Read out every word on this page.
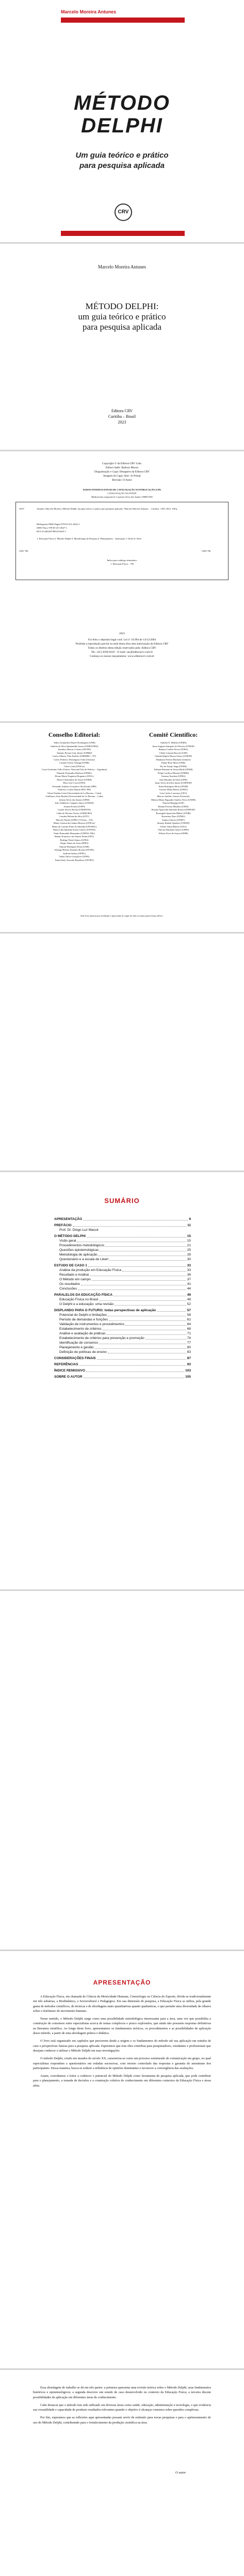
Marcelo Moreira Antunes
MÉTODO
DELPHI
Um guia teórico e prático
para pesquisa aplicada
CRV
Marcelo Moreira Antunes
MÉTODO DELPHI:
um guia teórico e prático
para pesquisa aplicada
Editora CRV
Curitiba – Brasil
2023
Copyright © da Editora CRV Ltda.
Editor-chefe: Railson Moura
Diagramação e Capa: Designers da Editora CRV
Imagem da Capa: Arte: Jo Poisql
Revisão: O Autor
DADOS INTERNACIONAIS DE CATALOGAÇÃO NA PUBLICAÇÃO (CIP)
CATALOGAÇÃO NA FONTE
Bibliotecária responsável: Luzenira Alves dos Santos CRB9/1506
A637	Antunes, Marcelo Moreira. Método Delphi: um guia teórico e prático para pesquisa aplicada / Marcelo Moreira Antunes. – Curitiba : CRV, 2023. 108 p.
Bibliografia ISBN Digital 978-65-251-4643-3
ISBN Físico 978-65-251-4647-1
DOI 10.24824/978652514647.1
1. Educação Física 2. Método Delphi 3. Metodologia de Pesquisa 4. Planejamento – Instituição I. Título II. Série.
CDU 796	CDD 796
Índice para catálogo sistemático
1. Educação Física – 796
2023
Foi feito o depósito legal conf. Lei nº 10.994 de 14/12/2004
Proibida a reprodução parcial ou total desta obra sem autorização da Editora CRV
Todos os direitos desta edição reservados pela: Editora CRV
Tel.: (41) 3039-6418 – E-mail: sac@editoracrv.com.br
Conheça os nossos lançamentos: www.editoracrv.com.br
Conselho Editorial:	Comitê Científico:
Aldira Guimarães Duarte Domínguez (UNB)
Andréia da Silva Quintanilha Sousa (UNIR/UFRN)
Anselmo Alencar Colares (UFOPA)
Antônio Pereira Gaio Júnior (UFRRJ)
Carlos Alberto Vilar Estêvão (UMINHO – PT)
Carlos Federico Dominguez Avila (Unieuro)
Carmen Tereza Velanga (UNIR)
Celso Conti (UFSCar)
Cesar Gerónimo Tello (Univer. Nacional Três de Febrero – Argentina)
Eduardo Fernandes Barbosa (UFMG)
Elione Maria Nogueira Diogenes (UFAL)
Elizeu Clementino de Souza (UNEB)
Élsio José Corá (UFFS)
Fernando Antônio Gonçalves Alcoforado (IPB)
Francisco Carlos Duarte (PUC-PR)
Gloria Fariñas León (Universidade de La Havana – Cuba)
Guillermo Arias Beatón (Universidade de La Havana – Cuba)
Jailson Alves dos Santos (UFRJ)
João Adalberto Campato Junior (UNESP)
Josania Portela (UFPI)
Leonel Severo Rocha (UNISINOS)
Lídia de Oliveira Xavier (UNIEURO)
Lourdes Helena da Silva (UFV)
Marcelo Paixão (UFRJ e UTexas – US)
Maria Cristina dos Santos Bezerra (UFSCar)
Maria de Lourdes Pinto de Almeida (UNOESC)
Maria Lília Imbiriba Sousa Colares (UFOPA)
Paulo Romualdo Hernandes (UNIFAL-MG)
Renato Francisco dos Santos Paula (UFG)
Rodrigo Pratte-Santos (UFES)
Sérgio Nunes de Jesus (IFRO)
Simone Rodrigues Pinto (UNB)
Solange Helena Ximenes-Rocha (UFOPA)
Sydione Santos (UEPG)
Tadeu Oliver Gonçalves (UFPA)
Tania Suely Azevedo Brasileiro (UFOPA)
Andréia N. Militão (UEMS)
Anna Augusta Sampaio de Oliveira (UNESP)
Barbara Coelho Neves (UFBA)
Cibele Cristina Boscoli (USP)
Cláudia Regina Mosca Giroto (UNESP)
Dinamara Pereira Machado (Uninter)
Eliane Rose Maio (UEM)
Ely de Araújo Sepp (UFSM)
Fabiane Romano de Souza Bridi (UFSM)
Felipe Cardoso Mendes (UFRRJ)
Gionara Tauchen (UFRG)
Jane Marinho da Silva (UFPI)
Jonas Alves da Silva Junior (UNIFESP)
Karla Rodrigues Mota (UFSM)
Luciene Maria Bastos (UFRA)
Luiz Carlos Lourenço (UFU)
Marcos Antônio Gomes (Unioeste)
Mônica Maria Fagundes Simões Alves (UNEB)
Patrícia Bieging (USP)
Renata Ferreira Maudou (UERJ)
Rosana Aparecida Salvador Rossit (UNIFESP)
Rosangela Aparecida Hilário (UNIR)
Rosemary Dore (UFMG)
Samira Chaves (UFMT)
Simony Rafaeli Quadros (UNESP)
Vilene Vânia Ribeiro (UEA)
Vinícius Machado Sastre (UFRS)
Wilson Alves de Sousa (UEPR)
Este livro passou por avaliação e aprovação às cegas de dois ou mais pareceristas ad hoc.
SUMÁRIO
APRESENTAÇÃO	9
PREFÁCIO	11
Prof. Dr. Diogo Luz Macuir
O MÉTODO DELPHI	15
Visão geral	15
Procedimentos metodológicos	21
Questões epistemológicas	25
Metodologia de aplicação	28
Questionário e a escala de Likert	30
ESTUDO DE CASO 1	33
Análise da produção em Educação Física	33
Resultado e Análise	36
O Método em campo	37
Os resultados	41
Conclusões	44
PARALELOS DA EDUCAÇÃO FÍSICA	49
Educação Física no Brasil	49
O Delphi e a educação: uma revisão	52
DISPLANDO PARA O FUTURO: todas perspectivas de aplicação	57
Potencial do Delphi e limitações	58
Período de demandas e funções	61
Validação de instrumentos e procedimentos	64
Estabelecimento de critérios	68
Análise e avaliação de práticas	71
Estabelecimento de critérios para prevenção e promoção	74
Identificação de consenso	77
Planejamento e gestão	80
Definição de políticas de ensino	83
CONSIDERAÇÕES FINAIS	87
REFERÊNCIAS	93
ÍNDICE REMISSIVO	103
SOBRE O AUTOR	105
APRESENTAÇÃO

A Educação Física, em chamada de Ciência da Motricidade Humana, Cinesiologia ou Ciência do Esporte, divide-se tradicionalmente em três subáreas, a Biodinâmica, a Sociocultural e Pedagógica. Em sua dimensão de pesquisa, a Educação Física se utiliza, pela grande gama de métodos científicos, de técnicas e de abordagens tanto quantitativas quanto qualitativas, o que permite uma diversidade de olhares sobre o fenômeno do movimento humano.

Nesse sentido, o Método Delphi surge como uma possibilidade metodológica interessante para a área, uma vez que possibilita a construção de consensos entre especialistas acerca de temas complexos e pouco explorados, que ainda não possuem respostas definitivas na literatura científica. Ao longo deste livro, apresentamos os fundamentos teóricos, os procedimentos e as possibilidades de aplicação desse método, a partir de uma abordagem prática e didática.

O livro está organizado em capítulos que percorrem desde a origem e os fundamentos do método até sua aplicação em estudos de caso e perspectivas futuras para a pesquisa aplicada. Esperamos que esta obra contribua para pesquisadores, estudantes e profissionais que desejam conhecer e utilizar o Método Delphi em suas investigações.

O método Delphi, criado em meados do século XX, caracteriza-se como um processo estruturado de comunicação em grupo, no qual especialistas respondem a questionários em rodadas sucessivas, com retorno controlado das respostas e garantia do anonimato dos participantes. Dessa maneira, busca-se reduzir a influência de opiniões dominantes e favorecer a convergência das avaliações.

Assim, convidamos o leitor a conhecer o potencial do Método Delphi como ferramenta de pesquisa aplicada, que pode contribuir para o planejamento, a tomada de decisões e a construção coletiva do conhecimento em diferentes contextos da Educação Física e áreas afins.

Essa abordagem de trabalho se dá em três partes: a primeira apresenta uma revisão teórica sobre o Método Delphi, seus fundamentos históricos e epistemológicos; a segunda descreve um estudo de caso desenvolvido no contexto da Educação Física; a terceira discute possibilidades de aplicação em diferentes áreas do conhecimento.

Cabe destacar que o método tem sido utilizado em diversas áreas como saúde, educação, administração e tecnologia, o que evidencia sua versatilidade e capacidade de produzir resultados relevantes quando o objetivo é alcançar consenso sobre questões complexas.

Por fim, esperamos que as reflexões aqui apresentadas possam servir de estímulo para novas pesquisas e para o aprimoramento do uso do Método Delphi, contribuindo para o fortalecimento da produção científica na área.

O autor
